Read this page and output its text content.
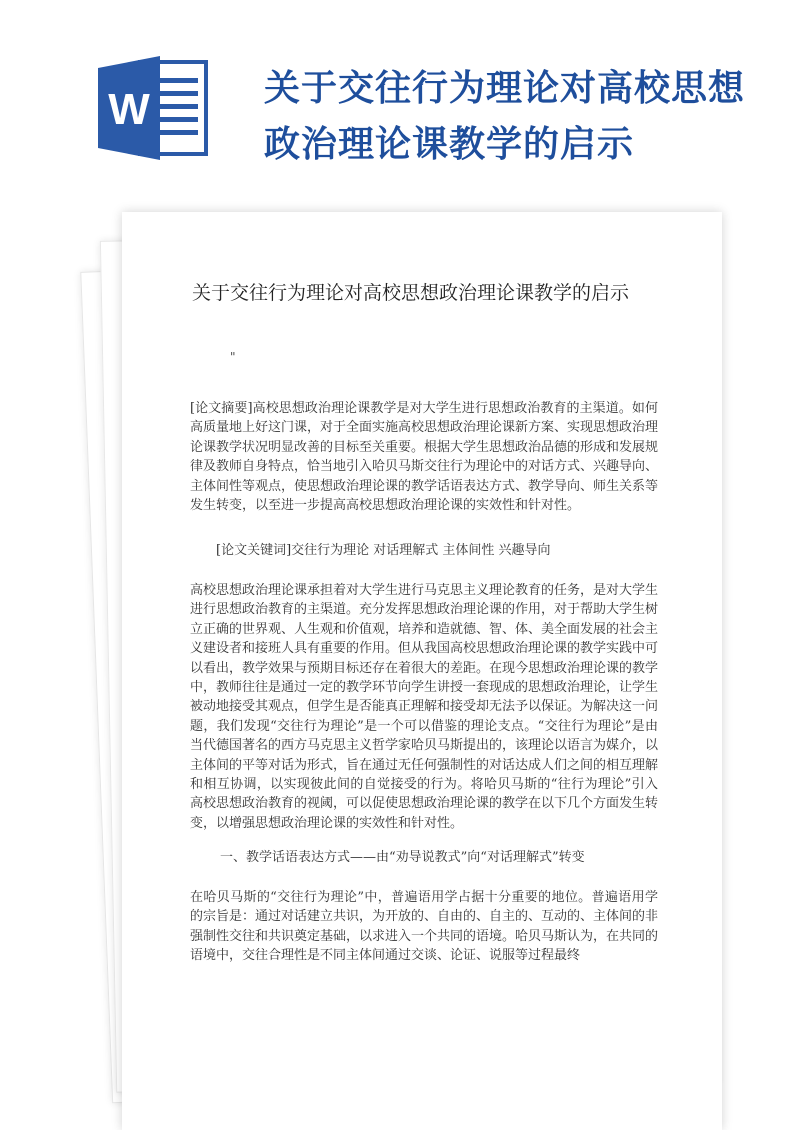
W	关于交往行为理论对高校思想政治理论课教学的启示
关于交往行为理论对高校思想政治理论课教学的启示
"

[论文摘要]高校思想政治理论课教学是对大学生进行思想政治教育的主渠道。如何高质量地上好这门课，对于全面实施高校思想政治理论课新方案、实现思想政治理论课教学状况明显改善的目标至关重要。根据大学生思想政治品德的形成和发展规律及教师自身特点，恰当地引入哈贝马斯交往行为理论中的对话方式、兴趣导向、主体间性等观点，使思想政治理论课的教学话语表达方式、教学导向、师生关系等发生转变，以至进一步提高高校思想政治理论课的实效性和针对性。

[论文关键词]交往行为理论 对话理解式 主体间性 兴趣导向

高校思想政治理论课承担着对大学生进行马克思主义理论教育的任务，是对大学生进行思想政治教育的主渠道。充分发挥思想政治理论课的作用，对于帮助大学生树立正确的世界观、人生观和价值观，培养和造就德、智、体、美全面发展的社会主义建设者和接班人具有重要的作用。但从我国高校思想政治理论课的教学实践中可以看出，教学效果与预期目标还存在着很大的差距。在现今思想政治理论课的教学中，教师往往是通过一定的教学环节向学生讲授一套现成的思想政治理论，让学生被动地接受其观点，但学生是否能真正理解和接受却无法予以保证。为解决这一问题，我们发现“交往行为理论”是一个可以借鉴的理论支点。“交往行为理论”是由当代德国著名的西方马克思主义哲学家哈贝马斯提出的，该理论以语言为媒介，以主体间的平等对话为形式，旨在通过无任何强制性的对话达成人们之间的相互理解和相互协调，以实现彼此间的自觉接受的行为。将哈贝马斯的“往行为理论”引入高校思想政治教育的视阈，可以促使思想政治理论课的教学在以下几个方面发生转变，以增强思想政治理论课的实效性和针对性。

一、教学话语表达方式——由“劝导说教式”向“对话理解式”转变

在哈贝马斯的“交往行为理论”中，普遍语用学占据十分重要的地位。普遍语用学的宗旨是：通过对话建立共识，为开放的、自由的、自主的、互动的、主体间的非强制性交往和共识奠定基础，以求进入一个共同的语境。哈贝马斯认为，在共同的语境中，交往合理性是不同主体间通过交谈、论证、说服等过程最终
